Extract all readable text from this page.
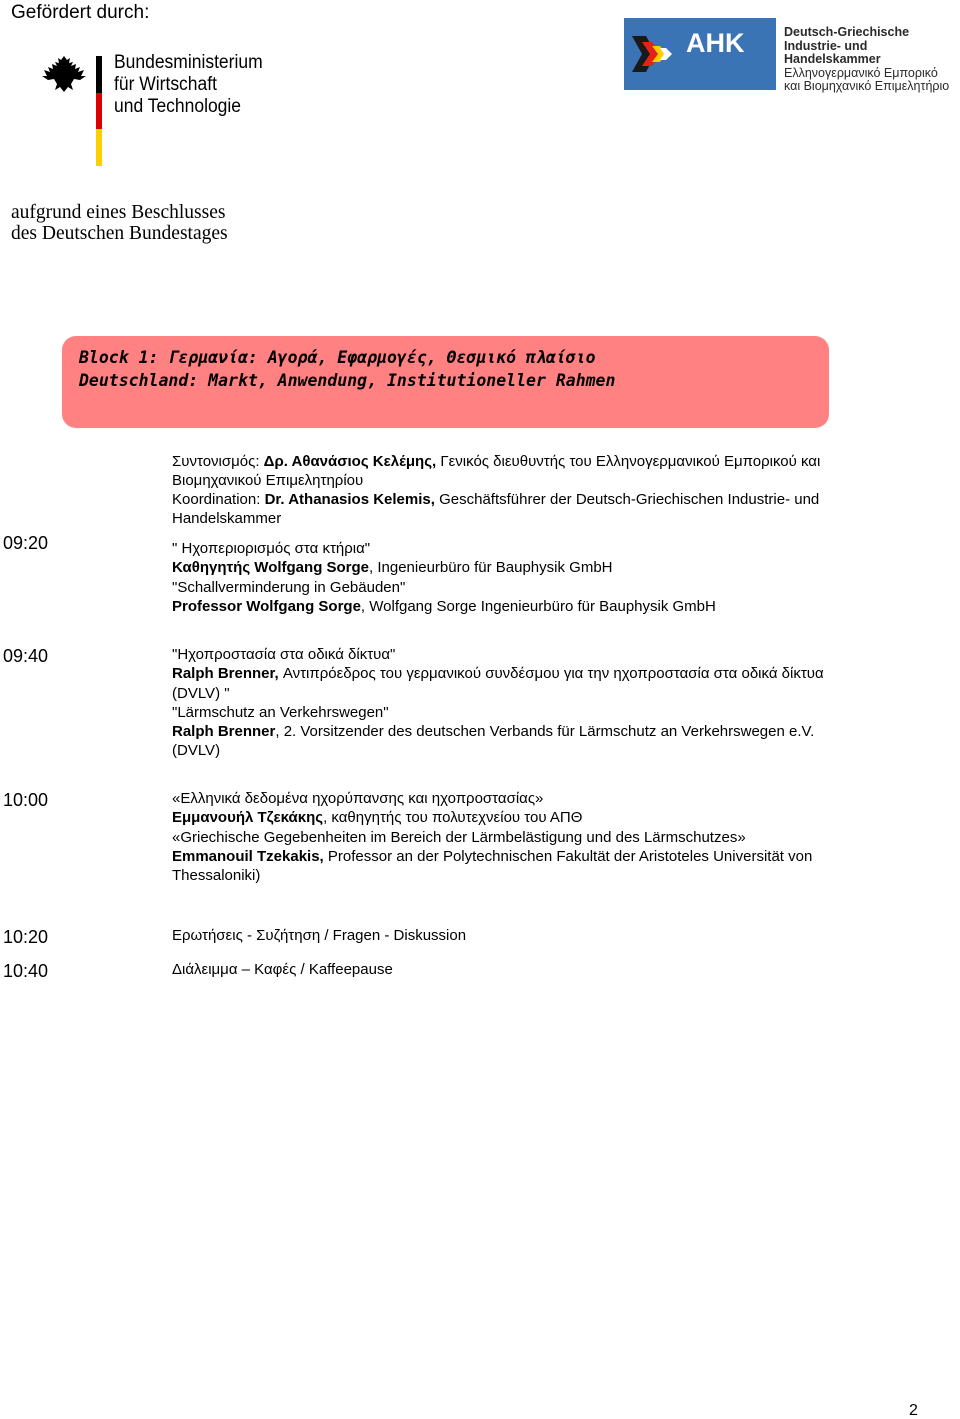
Gefördert durch:
Bundesministerium
für Wirtschaft
und Technologie
aufgrund eines Beschlusses
des Deutschen Bundestages
AHK	Deutsch-Griechische
Industrie- und Handelskammer
Ελληνογερμανικό Εμπορικό
και Βιομηχανικό Επιμελητήριο
Block 1: Γερμανία: Αγορά, Εφαρμογές, Θεσμικό πλαίσιο
Deutschland: Markt, Anwendung, Institutioneller Rahmen
Συντονισμός: Δρ. Αθανάσιος Κελέμης, Γενικός διευθυντής του Ελληνογερμανικού Εμπορικού και
Βιομηχανικού Επιμελητηρίου
Koordination: Dr. Athanasios Kelemis, Geschäftsführer der Deutsch-Griechischen Industrie- und
Handelskammer
09:20	" Ηχοπεριορισμός στα κτήρια"
Καθηγητής Wolfgang Sorge, Ingenieurbüro für Bauphysik GmbH
"Schallverminderung in Gebäuden"
Professor Wolfgang Sorge, Wolfgang Sorge Ingenieurbüro für Bauphysik GmbH
09:40	"Ηχοπροστασία στα οδικά δίκτυα"
Ralph Brenner, Αντιπρόεδρος του γερμανικού συνδέσμου για την ηχοπροστασία στα οδικά δίκτυα
(DVLV) "
"Lärmschutz an Verkehrswegen"
Ralph Brenner, 2. Vorsitzender des deutschen Verbands für Lärmschutz an Verkehrswegen e.V.
(DVLV)
10:00	«Ελληνικά δεδομένα ηχορύπανσης και ηχοπροστασίας»
Εμμανουήλ Τζεκάκης, καθηγητής του πολυτεχνείου του ΑΠΘ
«Griechische Gegebenheiten im Bereich der Lärmbelästigung und des Lärmschutzes»
Emmanouil Tzekakis, Professor an der Polytechnischen Fakultät der Aristoteles Universität von
Thessaloniki)
10:20	Ερωτήσεις - Συζήτηση / Fragen - Diskussion
10:40	Διάλειμμα – Καφές / Kaffeepause
2
